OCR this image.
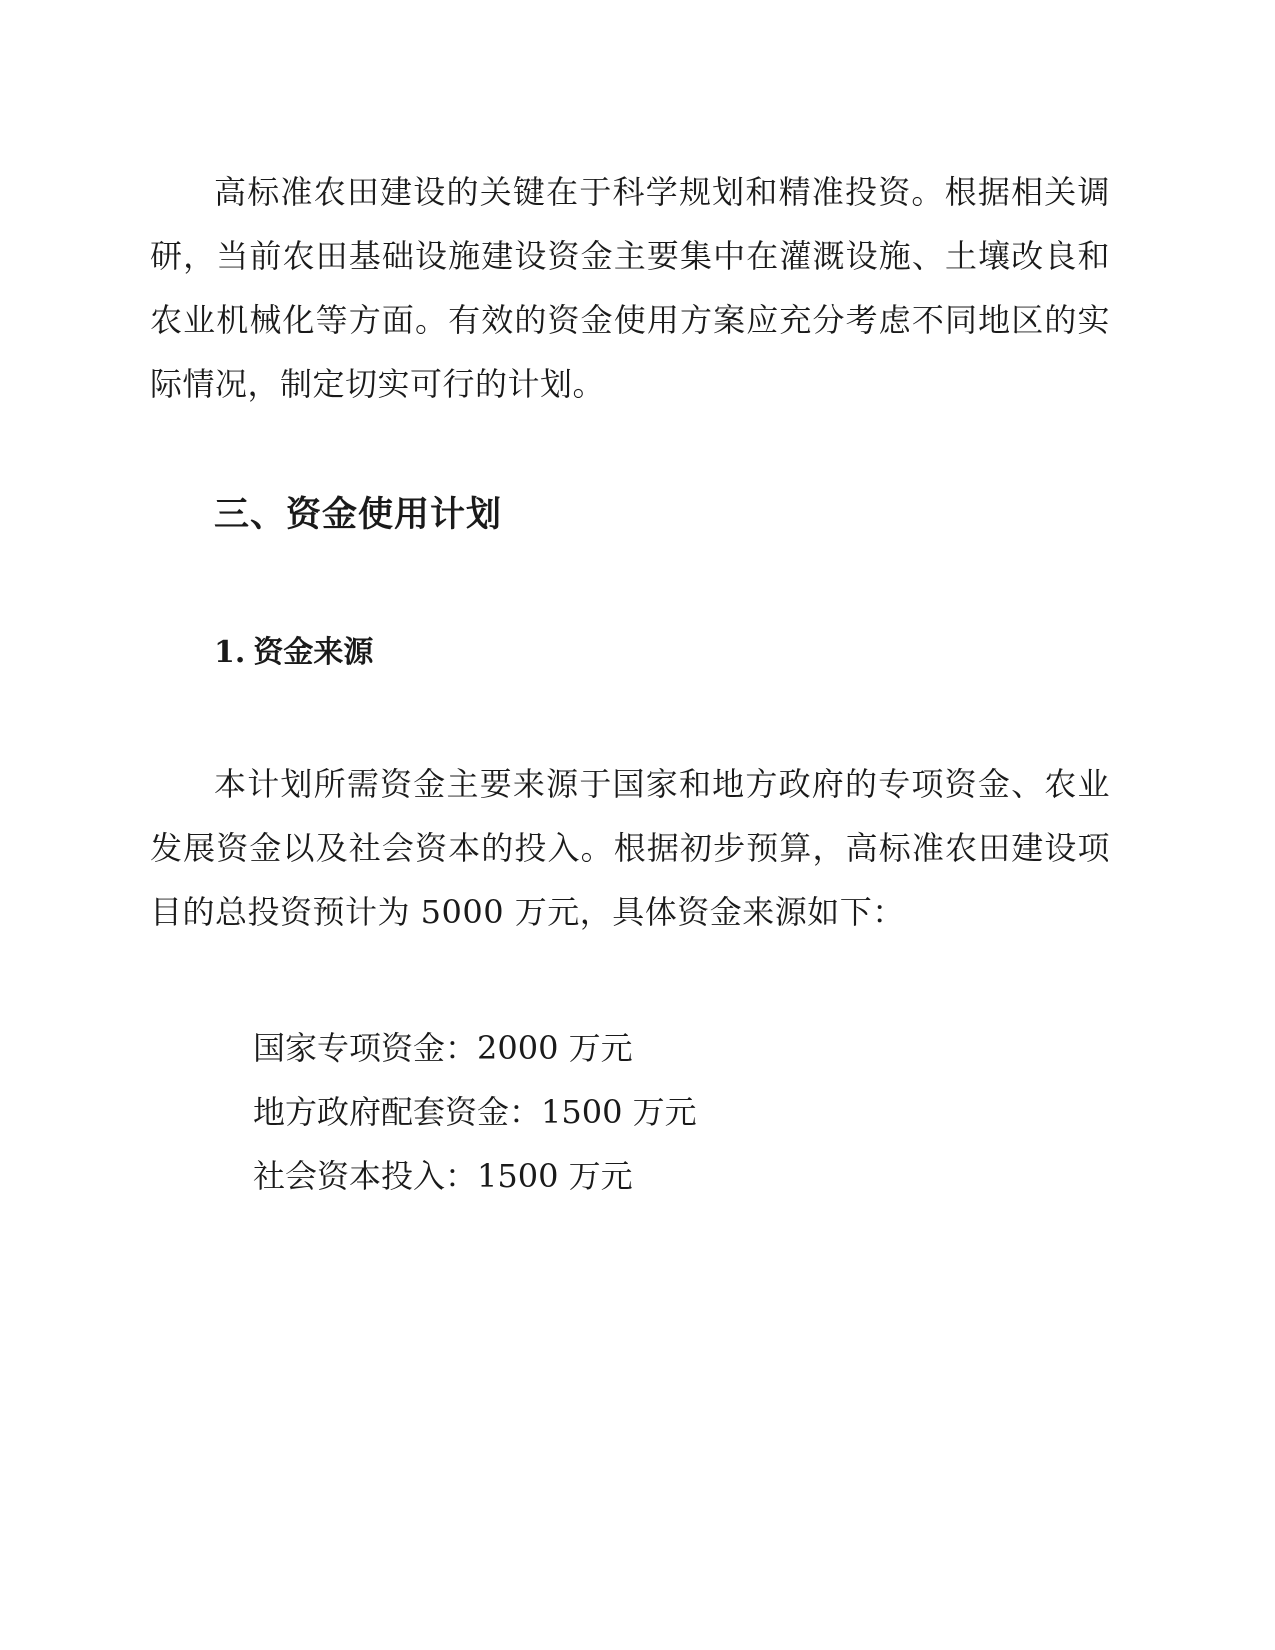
高标准农田建设的关键在于科学规划和精准投资。根据相关调研，当前农田基础设施建设资金主要集中在灌溉设施、土壤改良和农业机械化等方面。有效的资金使用方案应充分考虑不同地区的实际情况，制定切实可行的计划。

三、资金使用计划
1. 资金来源

本计划所需资金主要来源于国家和地方政府的专项资金、农业发展资金以及社会资本的投入。根据初步预算，高标准农田建设项目的总投资预计为 5000 万元，具体资金来源如下：

国家专项资金：2000 万元
地方政府配套资金：1500 万元
社会资本投入：1500 万元
